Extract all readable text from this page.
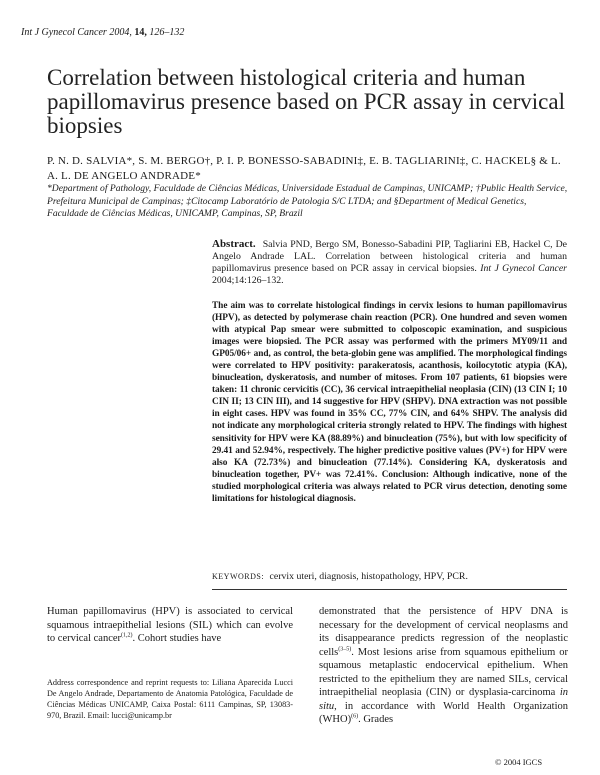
Int J Gynecol Cancer 2004, 14, 126–132
Correlation between histological criteria and human papillomavirus presence based on PCR assay in cervical biopsies
P. N. D. SALVIA*, S. M. BERGO†, P. I. P. BONESSO-SABADINI‡, E. B. TAGLIARINI‡, C. HACKEL§ & L. A. L. DE ANGELO ANDRADE*
*Department of Pathology, Faculdade de Ciências Médicas, Universidade Estadual de Campinas, UNICAMP; †Public Health Service, Prefeitura Municipal de Campinas; ‡Citocamp Laboratório de Patologia S/C LTDA; and §Department of Medical Genetics, Faculdade de Ciências Médicas, UNICAMP, Campinas, SP, Brazil
Abstract. Salvia PND, Bergo SM, Bonesso-Sabadini PIP, Tagliarini EB, Hackel C, De Angelo Andrade LAL. Correlation between histological criteria and human papillomavirus presence based on PCR assay in cervical biopsies. Int J Gynecol Cancer 2004;14:126–132.
The aim was to correlate histological findings in cervix lesions to human papillomavirus (HPV), as detected by polymerase chain reaction (PCR). One hundred and seven women with atypical Pap smear were submitted to colposcopic examination, and suspicious images were biopsied. The PCR assay was performed with the primers MY09/11 and GP05/06+ and, as control, the beta-globin gene was amplified. The morphological findings were correlated to HPV positivity: parakeratosis, acanthosis, koilocytotic atypia (KA), binucleation, dyskeratosis, and number of mitoses. From 107 patients, 61 biopsies were taken: 11 chronic cervicitis (CC), 36 cervical intraepithelial neoplasia (CIN) (13 CIN I; 10 CIN II; 13 CIN III), and 14 suggestive for HPV (SHPV). DNA extraction was not possible in eight cases. HPV was found in 35% CC, 77% CIN, and 64% SHPV. The analysis did not indicate any morphological criteria strongly related to HPV. The findings with highest sensitivity for HPV were KA (88.89%) and binucleation (75%), but with low specificity of 29.41 and 52.94%, respectively. The higher predictive positive values (PV+) for HPV were also KA (72.73%) and binucleation (77.14%). Considering KA, dyskeratosis and binucleation together, PV+ was 72.41%. Conclusion: Although indicative, none of the studied morphological criteria was always related to PCR virus detection, denoting some limitations for histological diagnosis.
KEYWORDS: cervix uteri, diagnosis, histopathology, HPV, PCR.
Human papillomavirus (HPV) is associated to cervical squamous intraepithelial lesions (SIL) which can evolve to cervical cancer$^{(1,2)}$. Cohort studies have
Address correspondence and reprint requests to: Liliana Aparecida Lucci De Angelo Andrade, Departamento de Anatomia Patológica, Faculdade de Ciências Médicas UNICAMP, Caixa Postal: 6111 Campinas, SP, 13083-970, Brazil. Email: lucci@unicamp.br
demonstrated that the persistence of HPV DNA is necessary for the development of cervical neoplasms and its disappearance predicts regression of the neoplastic cells$^{(3-5)}$. Most lesions arise from squamous epithelium or squamous metaplastic endocervical epithelium. When restricted to the epithelium they are named SILs, cervical intraepithelial neoplasia (CIN) or dysplasia-carcinoma in situ, in accordance with World Health Organization (WHO)$^{(6)}$. Grades
© 2004 IGCS
